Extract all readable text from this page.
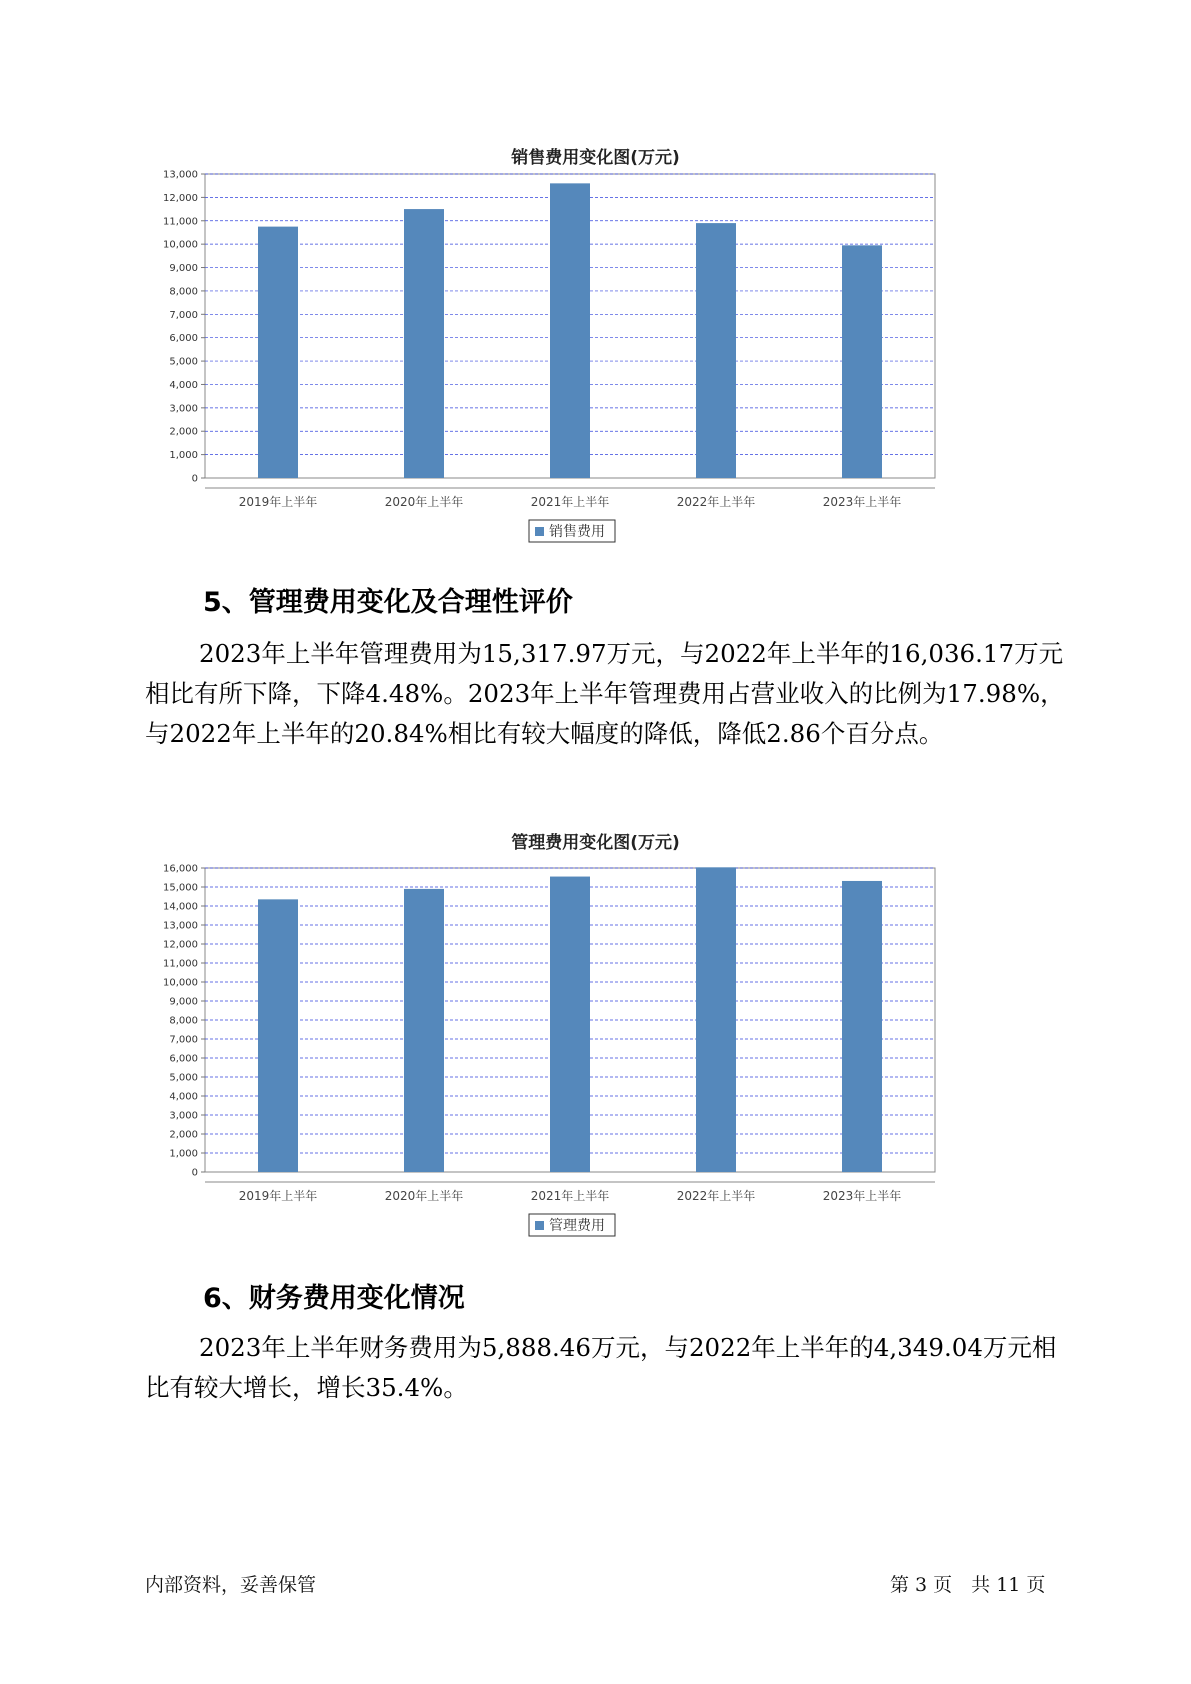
销售费用变化图(万元)
0
1,000
2,000
3,000
4,000
5,000
6,000
7,000
8,000
9,000
10,000
11,000
12,000
13,000
2019年上半年	2020年上半年	2021年上半年	2022年上半年	2023年上半年
销售费用
5、管理费用变化及合理性评价

2023年上半年管理费用为15,317.97万元，与2022年上半年的16,036.17万元相比有所下降，下降4.48%。2023年上半年管理费用占营业收入的比例为17.98%，与2022年上半年的20.84%相比有较大幅度的降低，降低2.86个百分点。

管理费用变化图(万元)
0
1,000
2,000
3,000
4,000
5,000
6,000
7,000
8,000
9,000
10,000
11,000
12,000
13,000
14,000
15,000
16,000
2019年上半年	2020年上半年	2021年上半年	2022年上半年	2023年上半年
管理费用
6、财务费用变化情况

2023年上半年财务费用为5,888.46万元，与2022年上半年的4,349.04万元相比有较大增长，增长35.4%。

内部资料，妥善保管	第 3 页　共 11 页
